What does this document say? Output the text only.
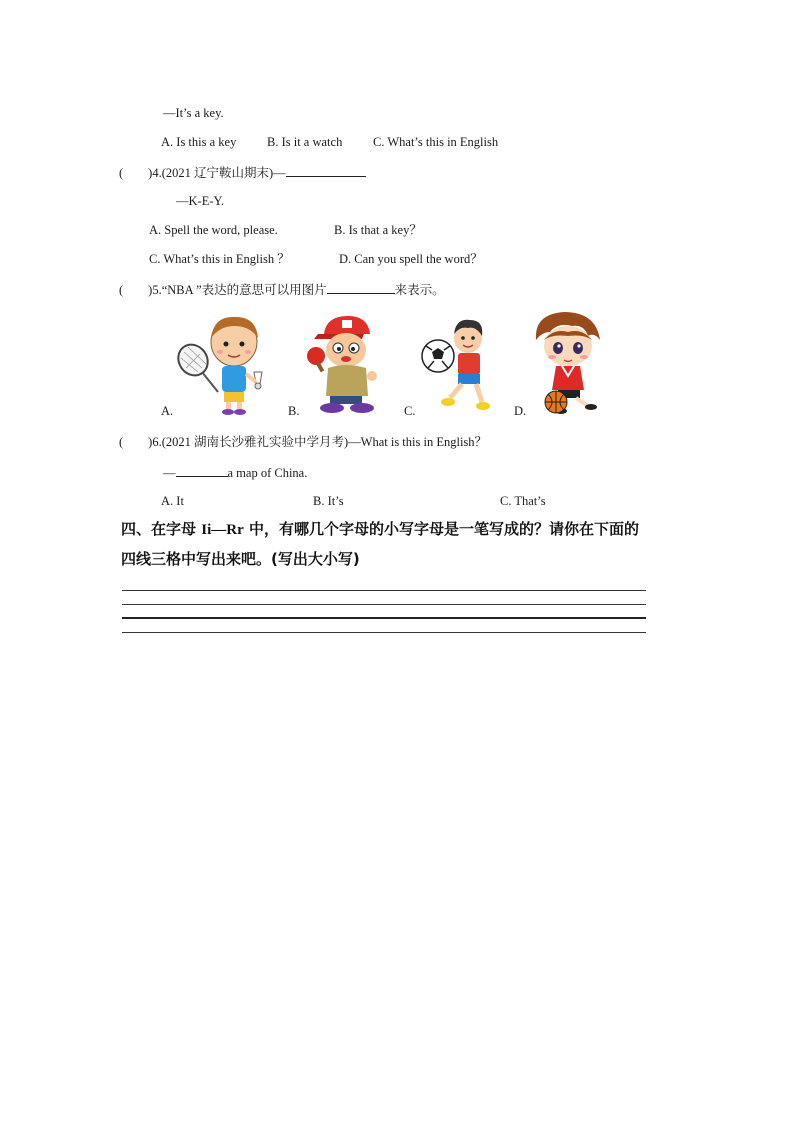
—It’s a key.
A. Is this a key B. Is it a watch C. What’s this in English
(　　)4.(2021 辽宁鞍山期末)—
—K-E-Y.
A. Spell the word, please.	B. Is that a key？
C. What’s this in English ？	D. Can you spell the word？
(　　)5.“NBA ”表达的意思可以用图片	来表示。
A.	B.	C.	D.
(　　)6.(2021 湖南长沙雅礼实验中学月考)—What is this in English？
—	a map of China.
A. It	B. It’s	C. That’s
四、在字母 Ii—Rr 中，有哪几个字母的小写字母是一笔写成的？请你在下面的
四线三格中写出来吧。(写出大小写)
